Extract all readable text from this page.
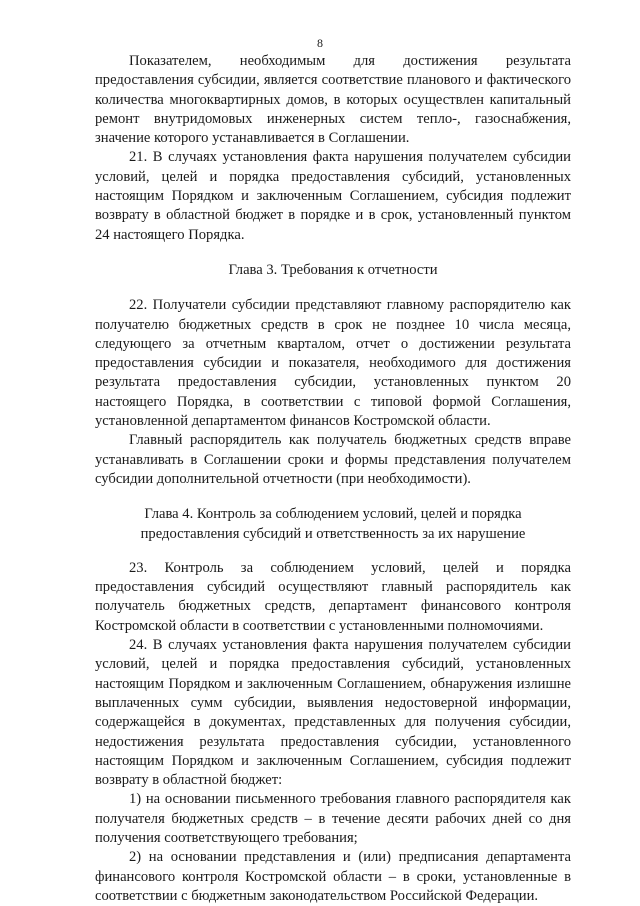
8

Показателем, необходимым для достижения результата предоставления субсидии, является соответствие планового и фактического количества многоквартирных домов, в которых осуществлен капитальный ремонт внутридомовых инженерных систем тепло-, газоснабжения, значение которого устанавливается в Соглашении.

21. В случаях установления факта нарушения получателем субсидии условий, целей и порядка предоставления субсидий, установленных настоящим Порядком и заключенным Соглашением, субсидия подлежит возврату в областной бюджет в порядке и в срок, установленный пунктом 24 настоящего Порядка.

Глава 3. Требования к отчетности

22. Получатели субсидии представляют главному распорядителю как получателю бюджетных средств в срок не позднее 10 числа месяца, следующего за отчетным кварталом, отчет о достижении результата предоставления субсидии и показателя, необходимого для достижения результата предоставления субсидии, установленных пунктом 20 настоящего Порядка, в соответствии с типовой формой Соглашения, установленной департаментом финансов Костромской области.

Главный распорядитель как получатель бюджетных средств вправе устанавливать в Соглашении сроки и формы представления получателем субсидии дополнительной отчетности (при необходимости).

Глава 4. Контроль за соблюдением условий, целей и порядка
предоставления субсидий и ответственность за их нарушение

23. Контроль за соблюдением условий, целей и порядка предоставления субсидий осуществляют главный распорядитель как получатель бюджетных средств, департамент финансового контроля Костромской области в соответствии с установленными полномочиями.

24. В случаях установления факта нарушения получателем субсидии условий, целей и порядка предоставления субсидий, установленных настоящим Порядком и заключенным Соглашением, обнаружения излишне выплаченных сумм субсидии, выявления недостоверной информации, содержащейся в документах, представленных для получения субсидии, недостижения результата предоставления субсидии, установленного настоящим Порядком и заключенным Соглашением, субсидия подлежит возврату в областной бюджет:

1) на основании письменного требования главного распорядителя как получателя бюджетных средств – в течение десяти рабочих дней со дня получения соответствующего требования;

2) на основании представления и (или) предписания департамента финансового контроля Костромской области – в сроки, установленные в соответствии с бюджетным законодательством Российской Федерации.
